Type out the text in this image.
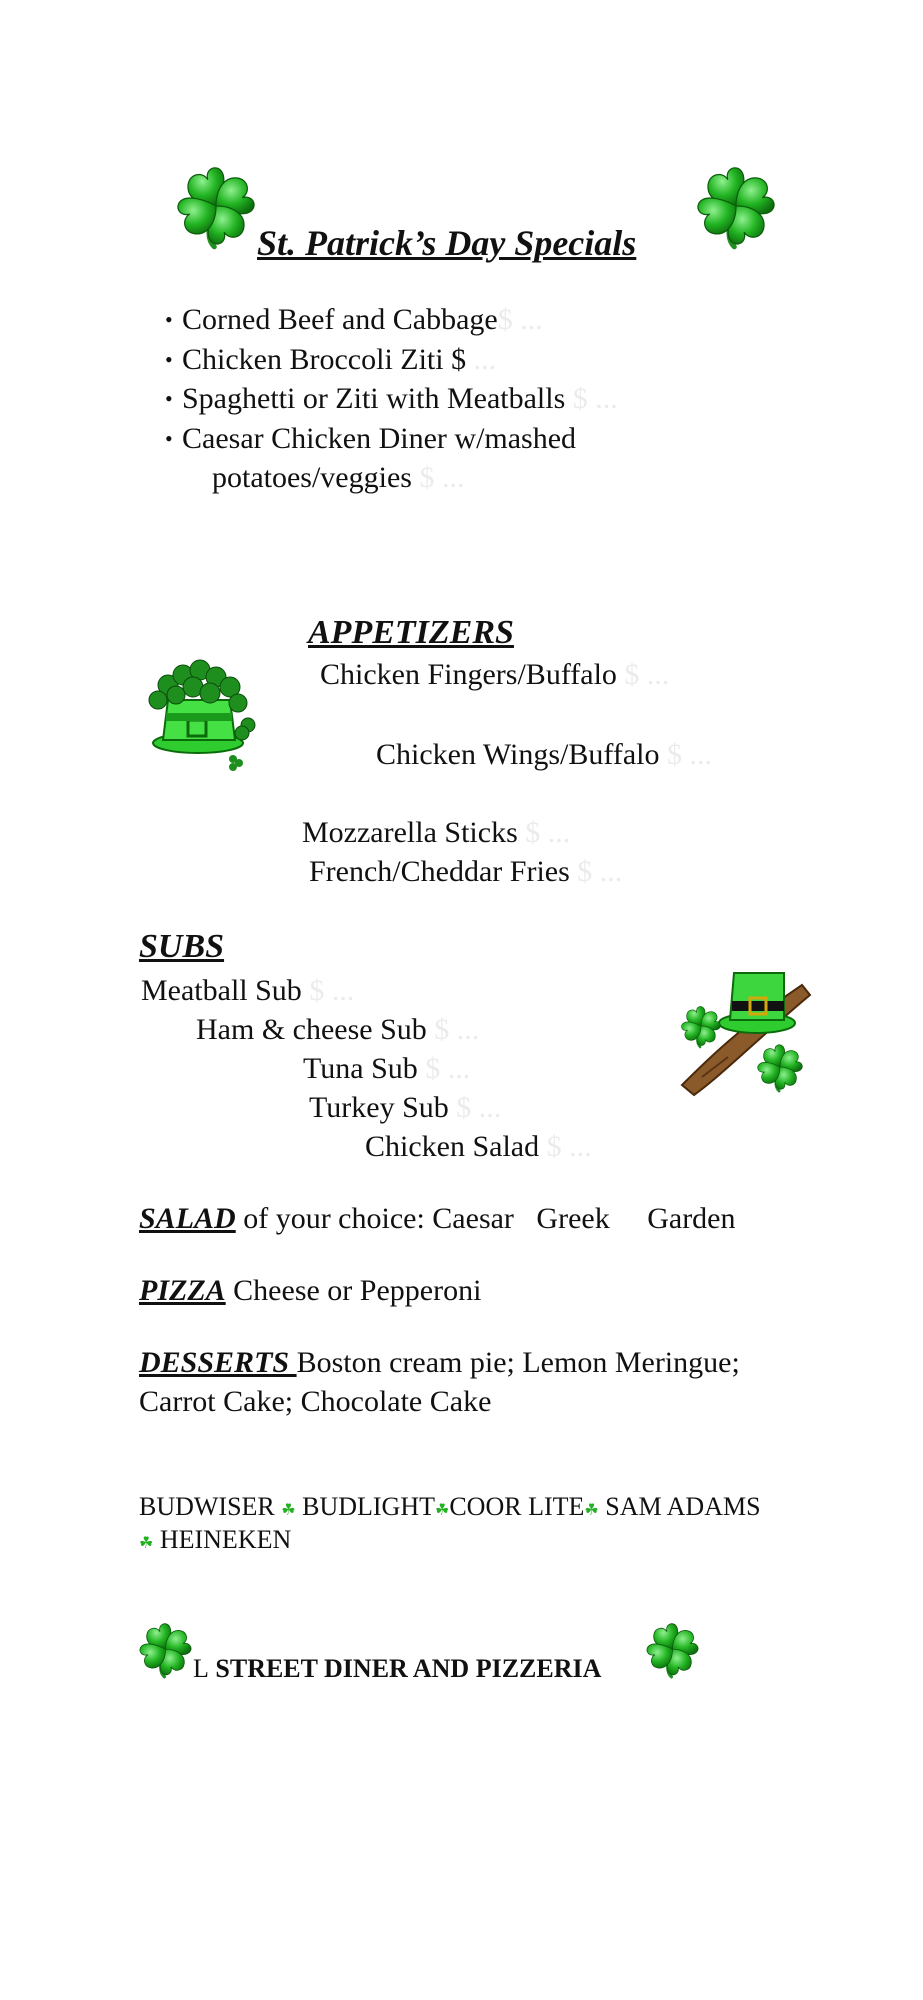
St. Patrick’s Day Specials
• Corned Beef and Cabbage$ ...
• Chicken Broccoli Ziti $ ...
• Spaghetti or Ziti with Meatballs $ ...
• Caesar Chicken Diner w/mashed
potatoes/veggies $ ...
APPETIZERS
Chicken Fingers/Buffalo $ ...
Chicken Wings/Buffalo $ ...
Mozzarella Sticks $ ...
French/Cheddar Fries $ ...
SUBS
Meatball Sub $ ...
Ham & cheese Sub $ ...
Tuna Sub $ ...
Turkey Sub $ ...
Chicken Salad $ ...
SALAD of your choice: Caesar   Greek     Garden
PIZZA Cheese or Pepperoni
DESSERTS Boston cream pie; Lemon Meringue;
Carrot Cake; Chocolate Cake
BUDWISER ☘ BUDLIGHT☘COOR LITE☘ SAM ADAMS
☘ HEINEKEN
L STREET DINER AND PIZZERIA
